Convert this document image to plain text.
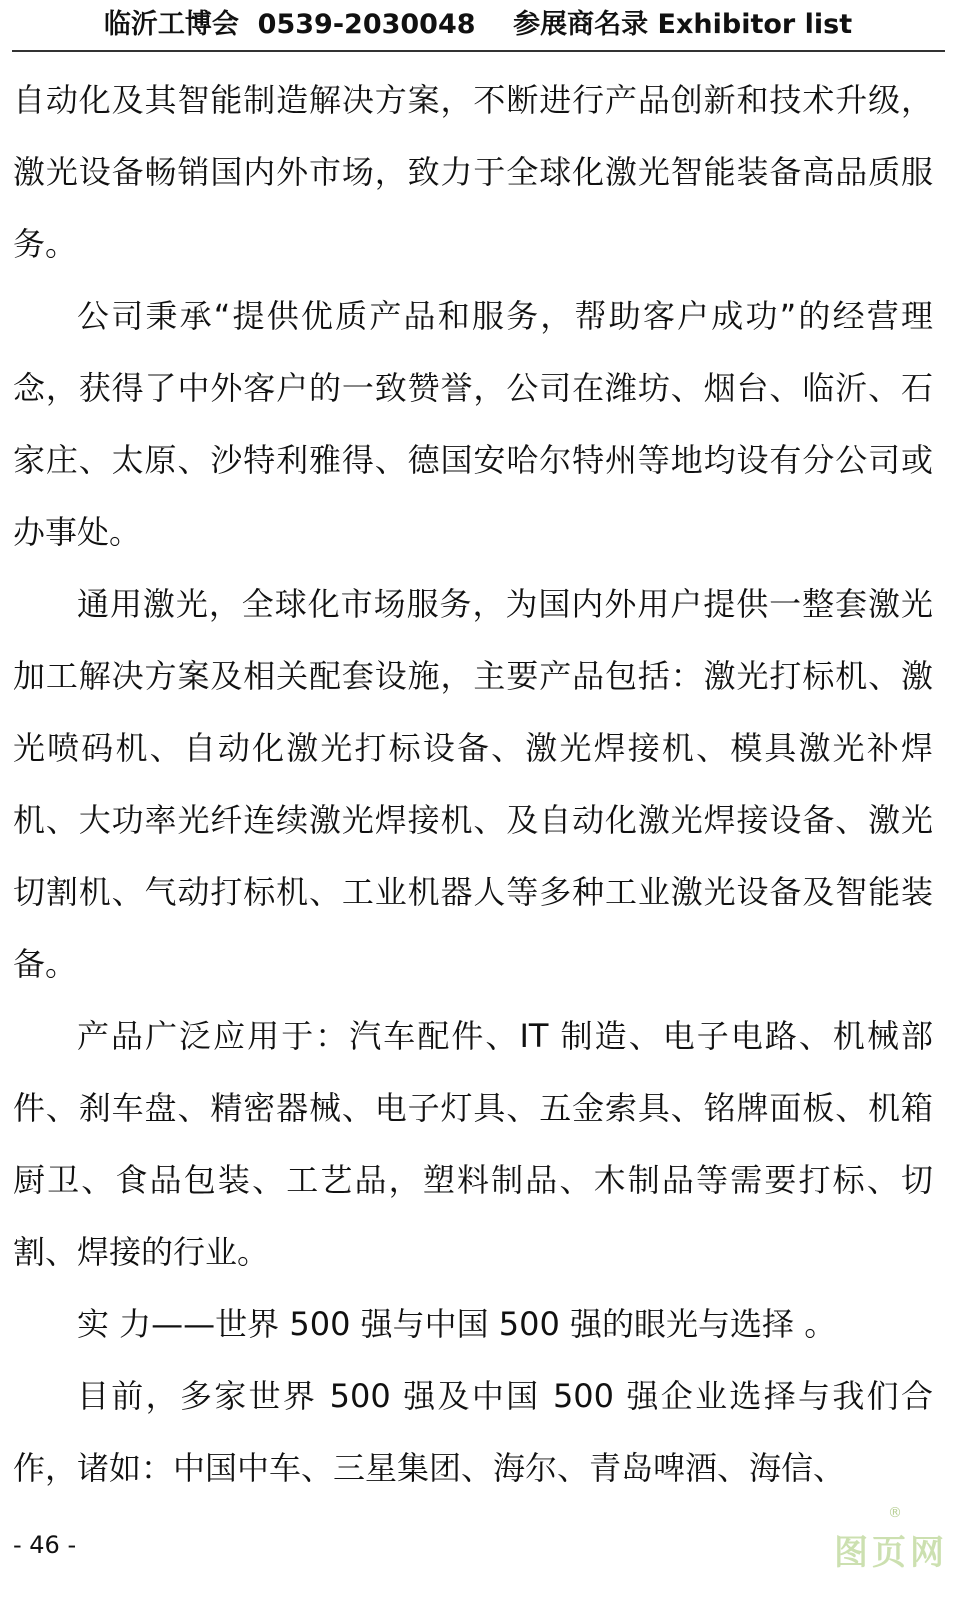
临沂工博会  0539-2030048    参展商名录 Exhibitor list

自动化及其智能制造解决方案，不断进行产品创新和技术升级，激光设备畅销国内外市场，致力于全球化激光智能装备高品质服务。

公司秉承“提供优质产品和服务，帮助客户成功”的经营理念，获得了中外客户的一致赞誉，公司在潍坊、烟台、临沂、石家庄、太原、沙特利雅得、德国安哈尔特州等地均设有分公司或办事处。

通用激光，全球化市场服务，为国内外用户提供一整套激光加工解决方案及相关配套设施，主要产品包括：激光打标机、激光喷码机、自动化激光打标设备、激光焊接机、模具激光补焊机、大功率光纤连续激光焊接机、及自动化激光焊接设备、激光切割机、气动打标机、工业机器人等多种工业激光设备及智能装备。

产品广泛应用于：汽车配件、IT 制造、电子电路、机械部件、刹车盘、精密器械、电子灯具、五金索具、铭牌面板、机箱厨卫、食品包装、工艺品，塑料制品、木制品等需要打标、切割、焊接的行业。

实 力——世界 500 强与中国 500 强的眼光与选择 。

目前，多家世界 500 强及中国 500 强企业选择与我们合作，诸如：中国中车、三星集团、海尔、青岛啤酒、海信、

- 46 -
®
图页网
